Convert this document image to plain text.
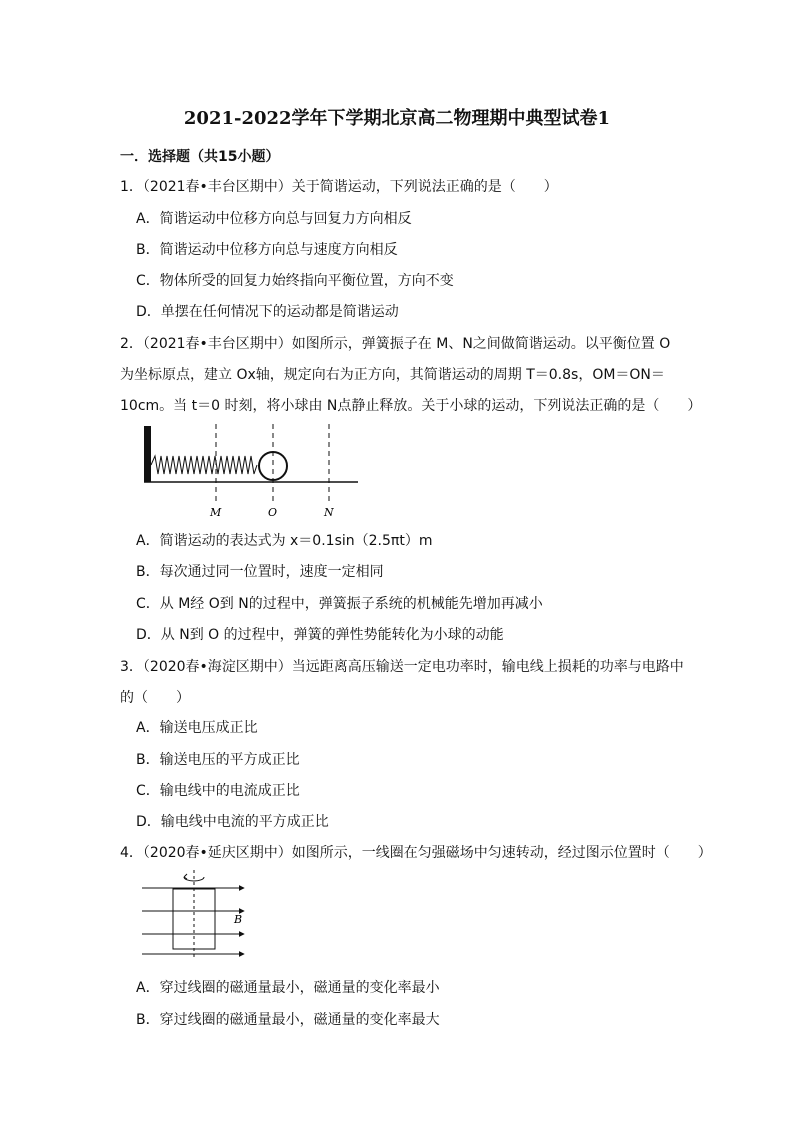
2021-2022学年下学期北京高二物理期中典型试卷1
一．选择题（共15小题）
1．（2021春•丰台区期中）关于简谐运动，下列说法正确的是（　　）
A．简谐运动中位移方向总与回复力方向相反
B．简谐运动中位移方向总与速度方向相反
C．物体所受的回复力始终指向平衡位置，方向不变
D．单摆在任何情况下的运动都是简谐运动
2．（2021春•丰台区期中）如图所示，弹簧振子在 M、N之间做简谐运动。以平衡位置 O
为坐标原点，建立 Ox轴，规定向右为正方向，其简谐运动的周期 T＝0.8s，OM＝ON＝
10cm。当 t＝0 时刻，将小球由 N点静止释放。关于小球的运动，下列说法正确的是（　　）
M	O	N
A．简谐运动的表达式为 x＝0.1sin（2.5πt）m
B．每次通过同一位置时，速度一定相同
C．从 M经 O到 N的过程中，弹簧振子系统的机械能先增加再减小
D．从 N到 O 的过程中，弹簧的弹性势能转化为小球的动能
3．（2020春•海淀区期中）当远距离高压输送一定电功率时，输电线上损耗的功率与电路中
的（　　）
A．输送电压成正比
B．输送电压的平方成正比
C．输电线中的电流成正比
D．输电线中电流的平方成正比
4．（2020春•延庆区期中）如图所示，一线圈在匀强磁场中匀速转动，经过图示位置时（　　）
B
A．穿过线圈的磁通量最小，磁通量的变化率最小
B．穿过线圈的磁通量最小，磁通量的变化率最大
